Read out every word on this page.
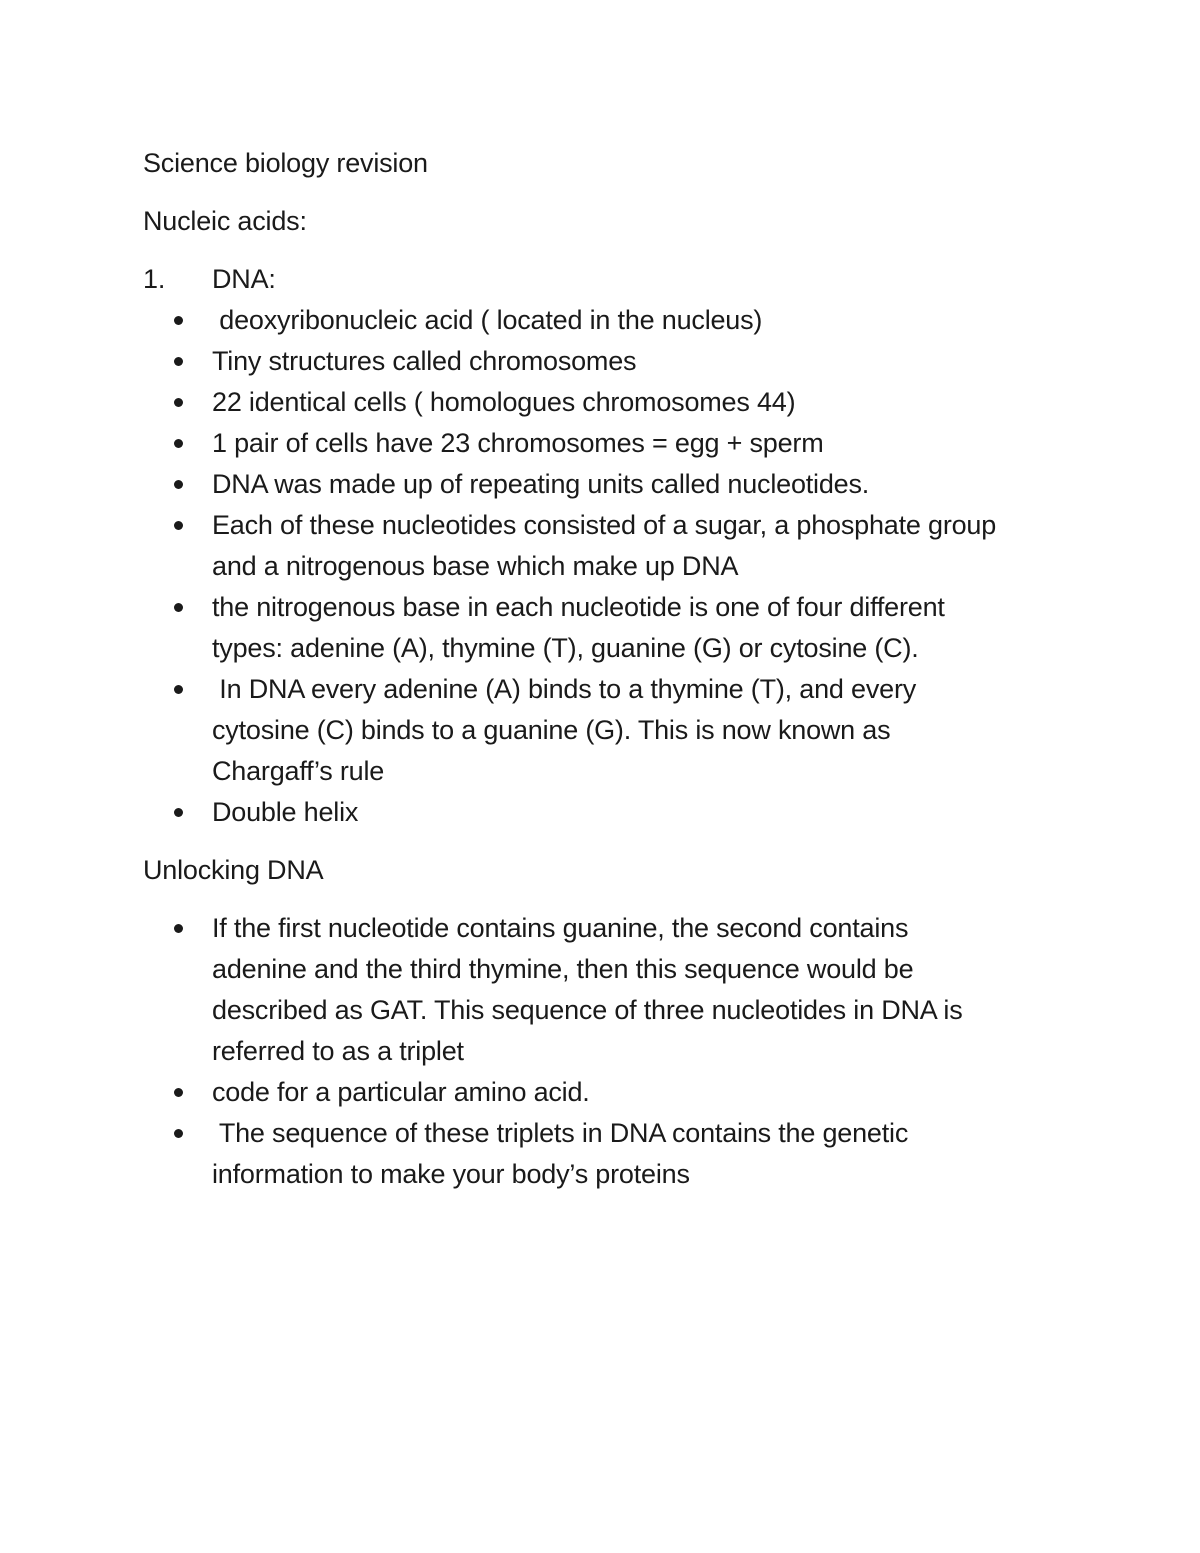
Science biology revision

Nucleic acids:

1.	DNA:
deoxyribonucleic acid ( located in the nucleus)
Tiny structures called chromosomes
22 identical cells ( homologues chromosomes 44)
1 pair of cells have 23 chromosomes = egg + sperm
DNA was made up of repeating units called nucleotides.
Each of these nucleotides consisted of a sugar, a phosphate group
and a nitrogenous base which make up DNA
the nitrogenous base in each nucleotide is one of four different
types: adenine (A), thymine (T), guanine (G) or cytosine (C).
In DNA every adenine (A) binds to a thymine (T), and every
cytosine (C) binds to a guanine (G). This is now known as
Chargaff’s rule
Double helix

Unlocking DNA

If the first nucleotide contains guanine, the second contains
adenine and the third thymine, then this sequence would be
described as GAT. This sequence of three nucleotides in DNA is
referred to as a triplet
code for a particular amino acid.
The sequence of these triplets in DNA contains the genetic
information to make your body’s proteins
